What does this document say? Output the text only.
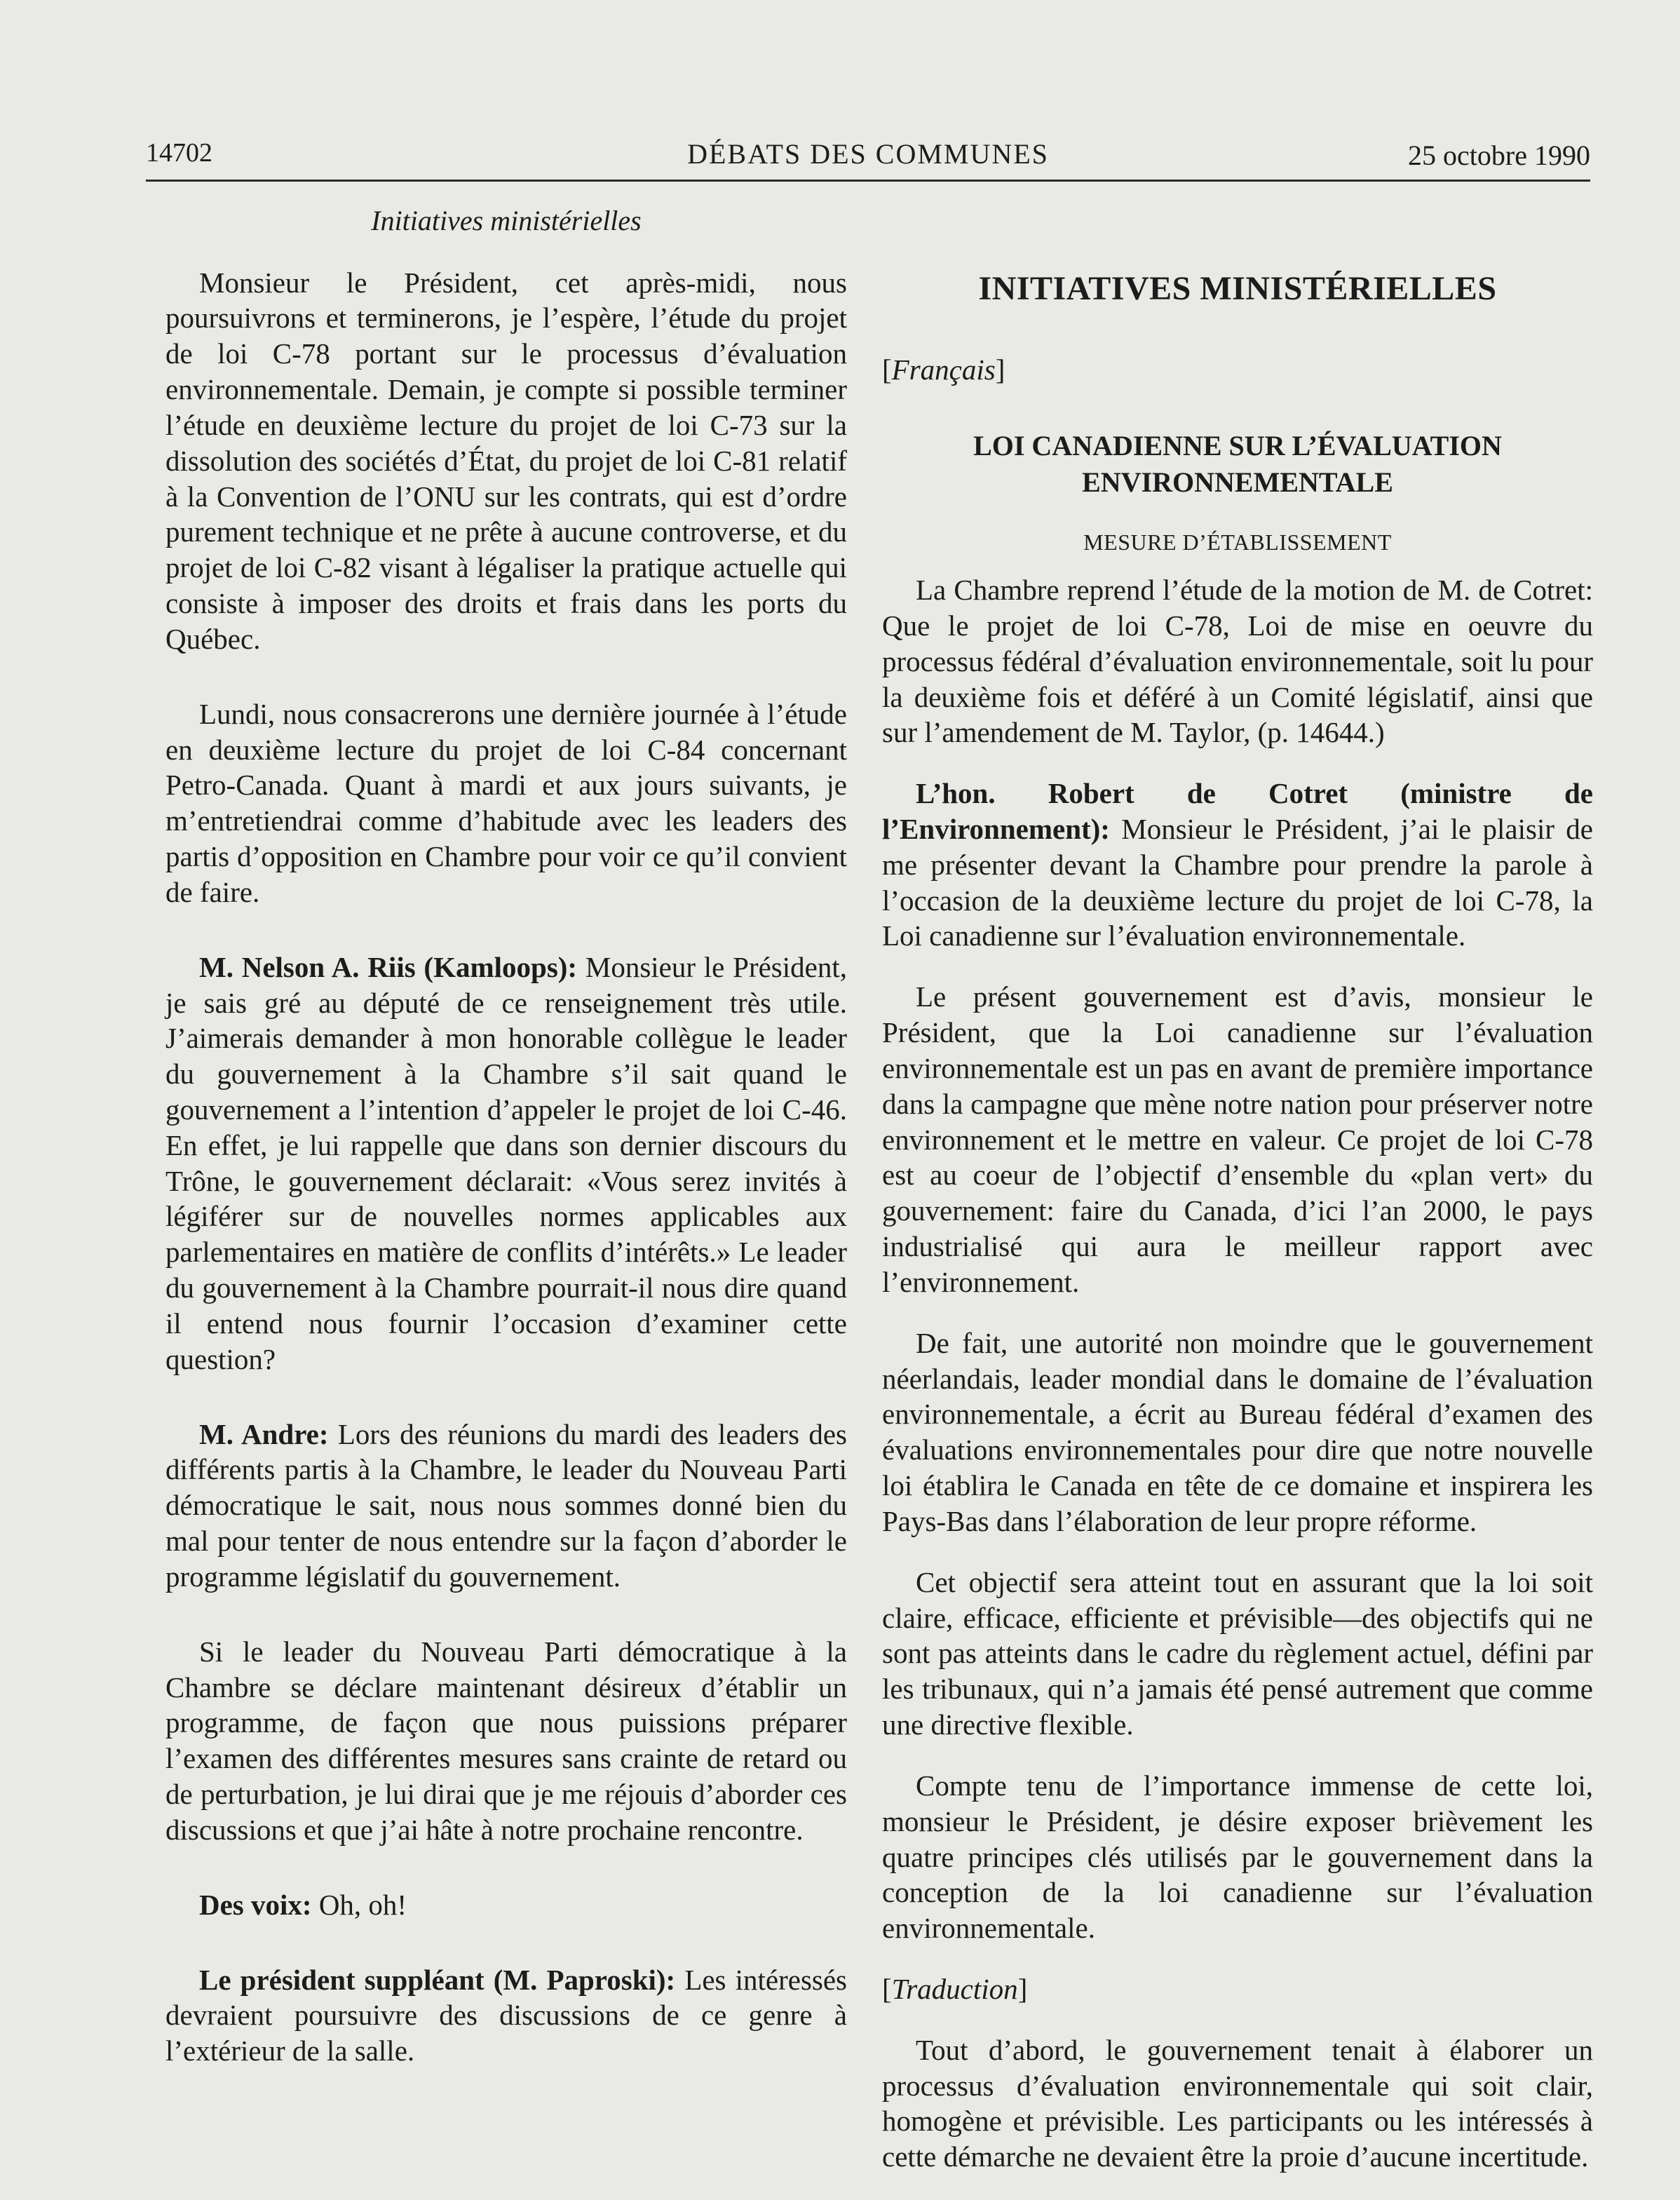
14702	DÉBATS DES COMMUNES	25 octobre 1990
Initiatives ministérielles

Monsieur le Président, cet après-midi, nous poursuivrons et terminerons, je l’espère, l’étude du projet de loi C-78 portant sur le processus d’évaluation environnementale. Demain, je compte si possible terminer l’étude en deuxième lecture du projet de loi C-73 sur la dissolution des sociétés d’État, du projet de loi C-81 relatif à la Convention de l’ONU sur les contrats, qui est d’ordre purement technique et ne prête à aucune controverse, et du projet de loi C-82 visant à légaliser la pratique actuelle qui consiste à imposer des droits et frais dans les ports du Québec.

Lundi, nous consacrerons une dernière journée à l’étude en deuxième lecture du projet de loi C-84 concernant Petro-Canada. Quant à mardi et aux jours suivants, je m’entretiendrai comme d’habitude avec les leaders des partis d’opposition en Chambre pour voir ce qu’il convient de faire.

M. Nelson A. Riis (Kamloops): Monsieur le Président, je sais gré au député de ce renseignement très utile. J’aimerais demander à mon honorable collègue le leader du gouvernement à la Chambre s’il sait quand le gouvernement a l’intention d’appeler le projet de loi C-46. En effet, je lui rappelle que dans son dernier discours du Trône, le gouvernement déclarait: «Vous serez invités à légiférer sur de nouvelles normes applicables aux parlementaires en matière de conflits d’intérêts.» Le leader du gouvernement à la Chambre pourrait-il nous dire quand il entend nous fournir l’occasion d’examiner cette question?

M. Andre: Lors des réunions du mardi des leaders des différents partis à la Chambre, le leader du Nouveau Parti démocratique le sait, nous nous sommes donné bien du mal pour tenter de nous entendre sur la façon d’aborder le programme législatif du gouvernement.

Si le leader du Nouveau Parti démocratique à la Chambre se déclare maintenant désireux d’établir un programme, de façon que nous puissions préparer l’examen des différentes mesures sans crainte de retard ou de perturbation, je lui dirai que je me réjouis d’aborder ces discussions et que j’ai hâte à notre prochaine rencontre.

Des voix: Oh, oh!

Le président suppléant (M. Paproski): Les intéressés devraient poursuivre des discussions de ce genre à l’extérieur de la salle.

INITIATIVES MINISTÉRIELLES
[Français]
LOI CANADIENNE SUR L’ÉVALUATION ENVIRONNEMENTALE
MESURE D’ÉTABLISSEMENT

La Chambre reprend l’étude de la motion de M. de Cotret: Que le projet de loi C-78, Loi de mise en oeuvre du processus fédéral d’évaluation environnementale, soit lu pour la deuxième fois et déféré à un Comité législatif, ainsi que sur l’amendement de M. Taylor, (p. 14644.)

L’hon. Robert de Cotret (ministre de l’Environnement): Monsieur le Président, j’ai le plaisir de me présenter devant la Chambre pour prendre la parole à l’occasion de la deuxième lecture du projet de loi C-78, la Loi canadienne sur l’évaluation environnementale.

Le présent gouvernement est d’avis, monsieur le Président, que la Loi canadienne sur l’évaluation environnementale est un pas en avant de première importance dans la campagne que mène notre nation pour préserver notre environnement et le mettre en valeur. Ce projet de loi C-78 est au coeur de l’objectif d’ensemble du «plan vert» du gouvernement: faire du Canada, d’ici l’an 2000, le pays industrialisé qui aura le meilleur rapport avec l’environnement.

De fait, une autorité non moindre que le gouvernement néerlandais, leader mondial dans le domaine de l’évaluation environnementale, a écrit au Bureau fédéral d’examen des évaluations environnementales pour dire que notre nouvelle loi établira le Canada en tête de ce domaine et inspirera les Pays-Bas dans l’élaboration de leur propre réforme.

Cet objectif sera atteint tout en assurant que la loi soit claire, efficace, efficiente et prévisible—des objectifs qui ne sont pas atteints dans le cadre du règlement actuel, défini par les tribunaux, qui n’a jamais été pensé autrement que comme une directive flexible.

Compte tenu de l’importance immense de cette loi, monsieur le Président, je désire exposer brièvement les quatre principes clés utilisés par le gouvernement dans la conception de la loi canadienne sur l’évaluation environnementale.

[Traduction]

Tout d’abord, le gouvernement tenait à élaborer un processus d’évaluation environnementale qui soit clair, homogène et prévisible. Les participants ou les intéressés à cette démarche ne devaient être la proie d’aucune incertitude.
